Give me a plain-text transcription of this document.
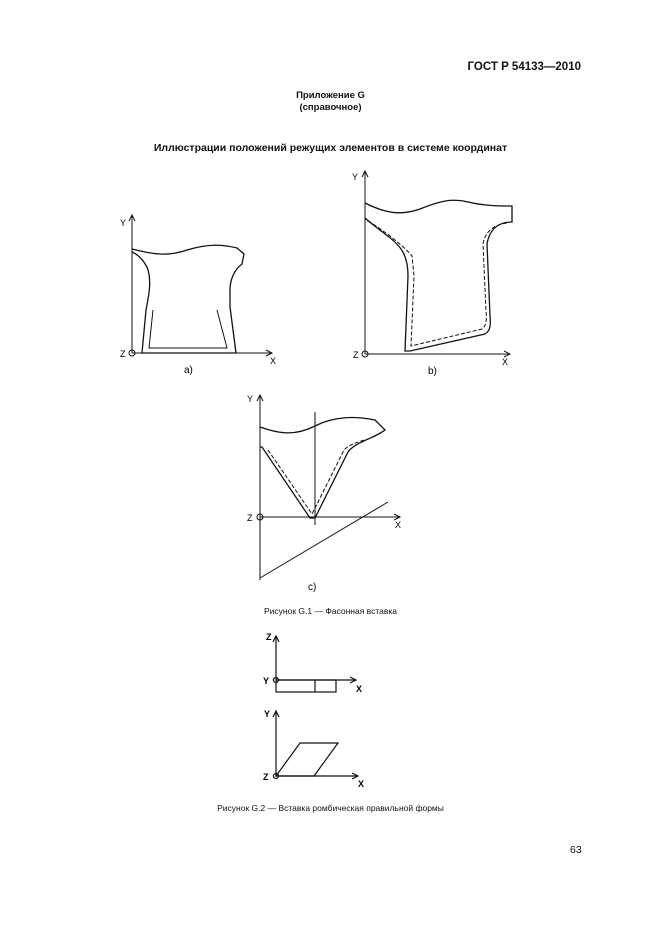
ГОСТ Р 54133—2010
Приложение G
(справочное)
Иллюстрации положений режущих элементов в системе координат
Y
Z
X
a)
Y
Z
X
b)
Y
Z
X
c)
Рисунок G.1 — Фасонная вставка
Z
Y
X
Y
Z
X
Рисунок G.2 — Вставка ромбическая правильной формы
63
